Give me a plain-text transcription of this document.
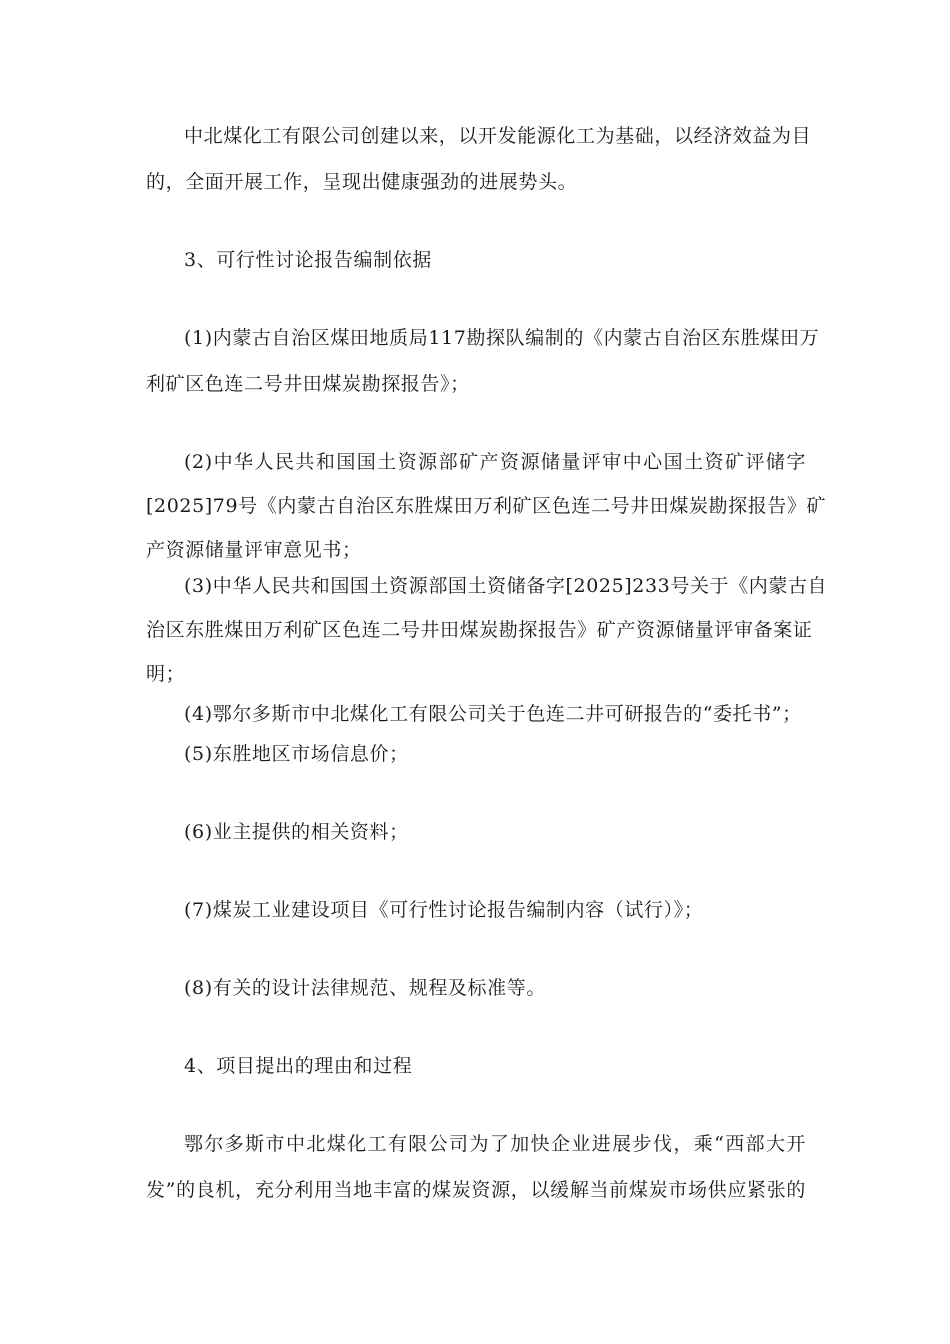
中北煤化工有限公司创建以来，以开发能源化工为基础，以经济效益为目
的，全面开展工作，呈现出健康强劲的进展势头。
3、可行性讨论报告编制依据
(1)内蒙古自治区煤田地质局117勘探队编制的《内蒙古自治区东胜煤田万
利矿区色连二号井田煤炭勘探报告》；
(2)中华人民共和国国土资源部矿产资源储量评审中心国土资矿评储字
[2025]79号《内蒙古自治区东胜煤田万利矿区色连二号井田煤炭勘探报告》矿
产资源储量评审意见书；
(3)中华人民共和国国土资源部国土资储备字[2025]233号关于《内蒙古自
治区东胜煤田万利矿区色连二号井田煤炭勘探报告》矿产资源储量评审备案证
明；
(4)鄂尔多斯市中北煤化工有限公司关于色连二井可研报告的“委托书”；
(5)东胜地区市场信息价；
(6)业主提供的相关资料；
(7)煤炭工业建设项目《可行性讨论报告编制内容（试行）》；
(8)有关的设计法律规范、规程及标准等。
4、项目提出的理由和过程
鄂尔多斯市中北煤化工有限公司为了加快企业进展步伐，乘“西部大开
发”的良机，充分利用当地丰富的煤炭资源，以缓解当前煤炭市场供应紧张的
